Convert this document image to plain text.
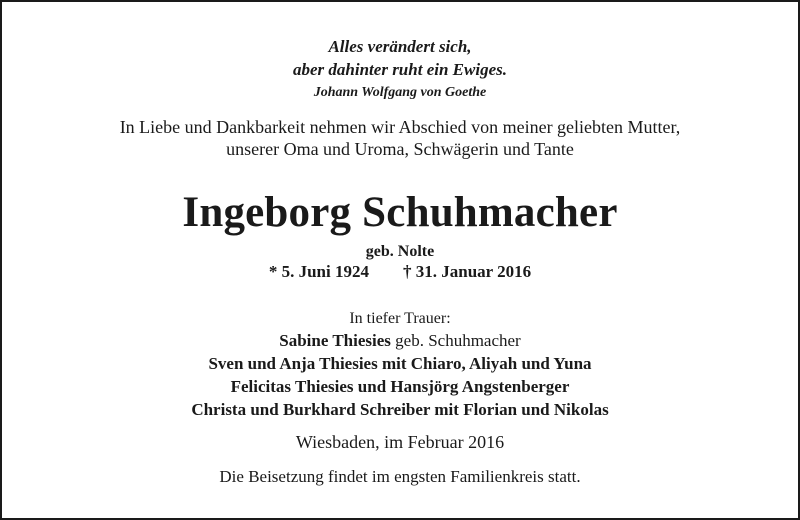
Alles verändert sich,
aber dahinter ruht ein Ewiges.
Johann Wolfgang von Goethe
In Liebe und Dankbarkeit nehmen wir Abschied von meiner geliebten Mutter,
unserer Oma und Uroma, Schwägerin und Tante
Ingeborg Schuhmacher
geb. Nolte
* 5. Juni 1924 † 31. Januar 2016
In tiefer Trauer:
Sabine Thiesies geb. Schuhmacher
Sven und Anja Thiesies mit Chiaro, Aliyah und Yuna
Felicitas Thiesies und Hansjörg Angstenberger
Christa und Burkhard Schreiber mit Florian und Nikolas
Wiesbaden, im Februar 2016
Die Beisetzung findet im engsten Familienkreis statt.
